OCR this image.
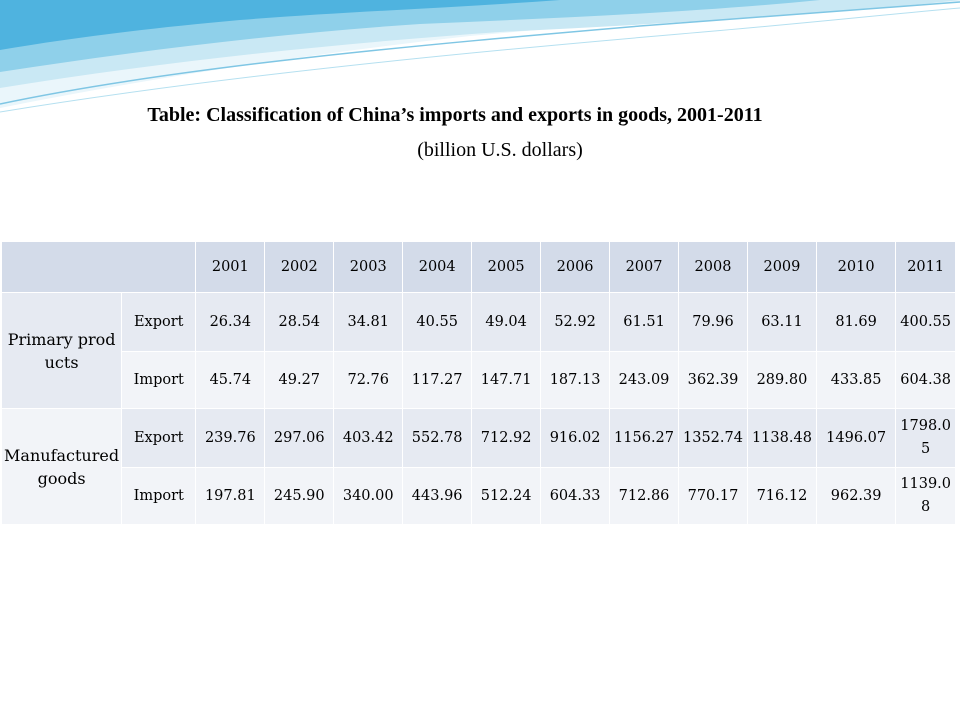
Table: Classification of China’s imports and exports in goods, 2001-2011
(billion U.S. dollars)
		2001	2002	2003	2004	2005	2006	2007	2008	2009	2010	2011
Primary products	Export	26.34	28.54	34.81	40.55	49.04	52.92	61.51	79.96	63.11	81.69	400.55
	Import	45.74	49.27	72.76	117.27	147.71	187.13	243.09	362.39	289.80	433.85	604.38
Manufactured goods	Export	239.76	297.06	403.42	552.78	712.92	916.02	1156.27	1352.74	1138.48	1496.07	1798.05
	Import	197.81	245.90	340.00	443.96	512.24	604.33	712.86	770.17	716.12	962.39	1139.08
